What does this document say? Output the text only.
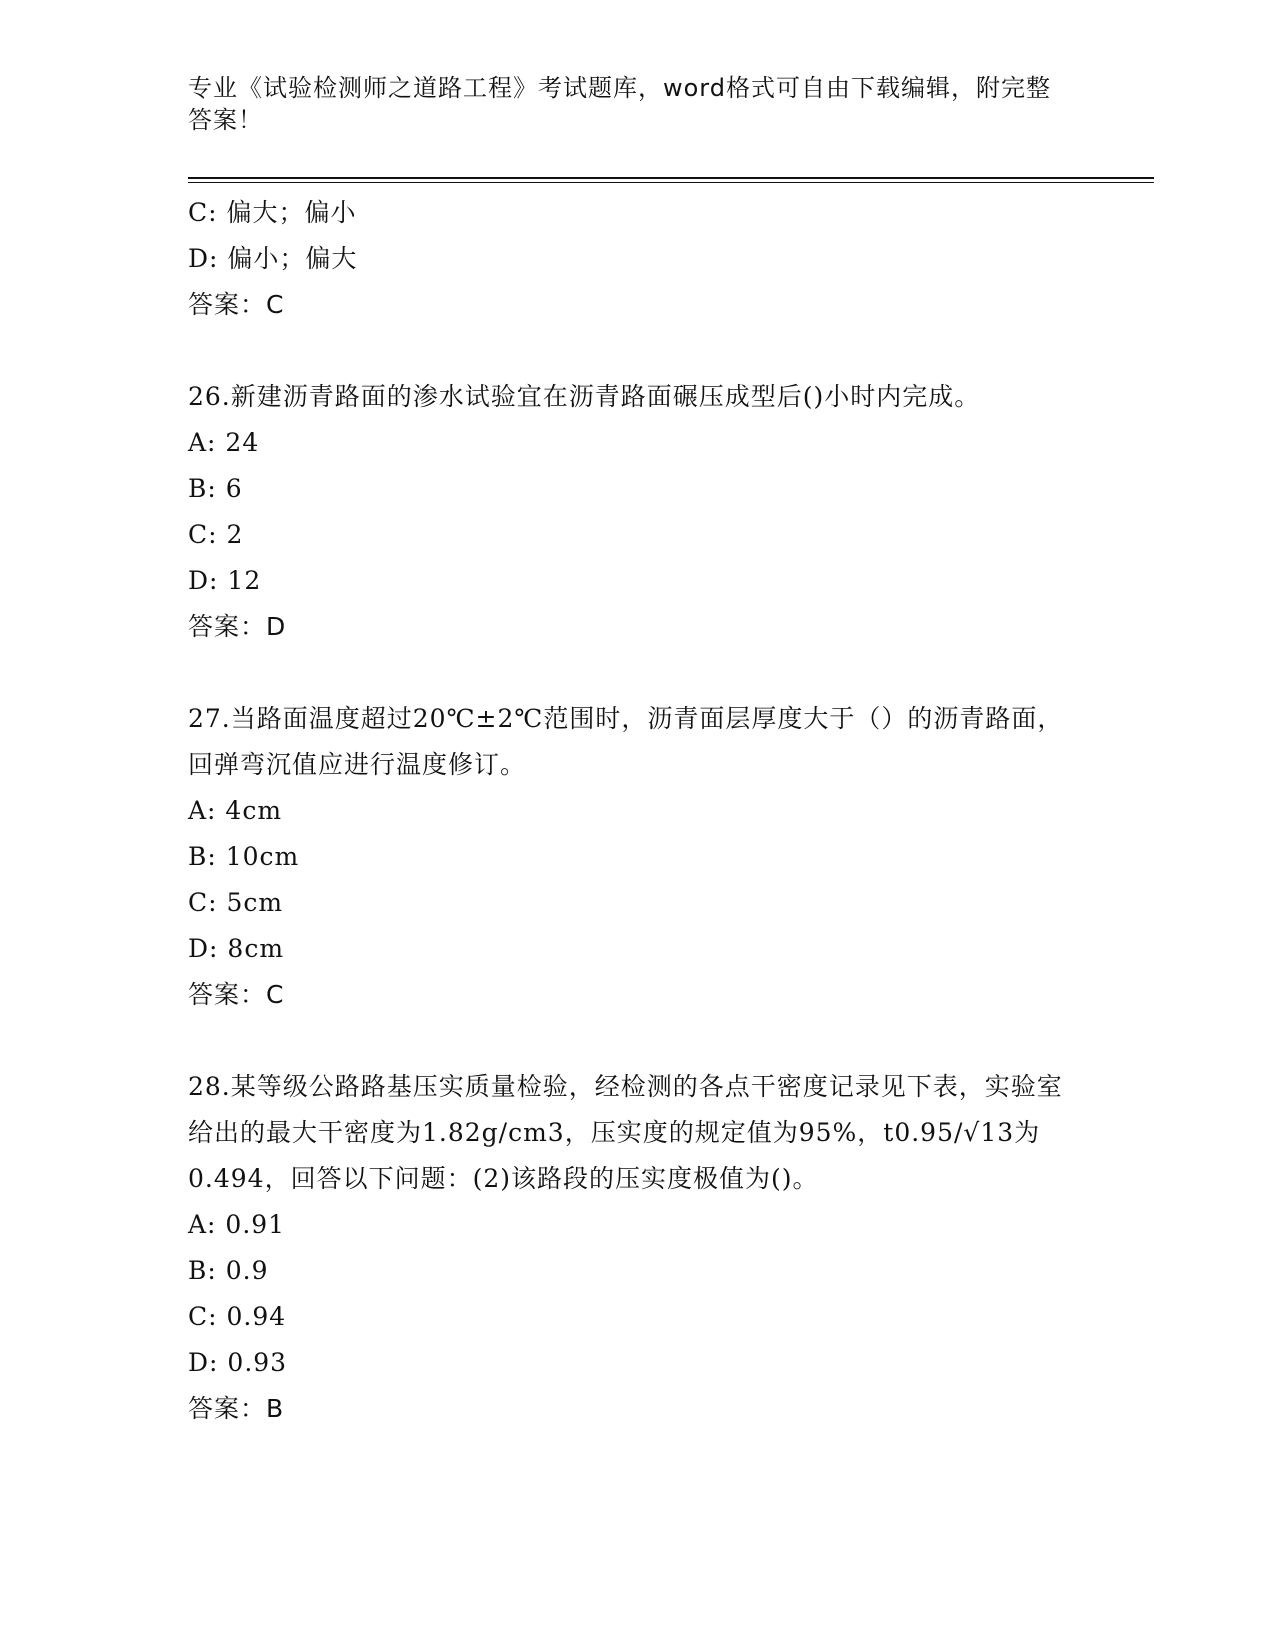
专业《试验检测师之道路工程》考试题库，word格式可自由下载编辑，附完整答案！
C: 偏大；偏小
D: 偏小；偏大
答案：C
26.新建沥青路面的渗水试验宜在沥青路面碾压成型后()小时内完成。
A: 24
B: 6
C: 2
D: 12
答案：D
27.当路面温度超过20℃±2℃范围时，沥青面层厚度大于（）的沥青路面，回弹弯沉值应进行温度修订。
A: 4cm
B: 10cm
C: 5cm
D: 8cm
答案：C
28.某等级公路路基压实质量检验，经检测的各点干密度记录见下表，实验室给出的最大干密度为1.82g/cm3，压实度的规定值为95%，t0.95/√13为0.494，回答以下问题：(2)该路段的压实度极值为()。
A: 0.91
B: 0.9
C: 0.94
D: 0.93
答案：B
